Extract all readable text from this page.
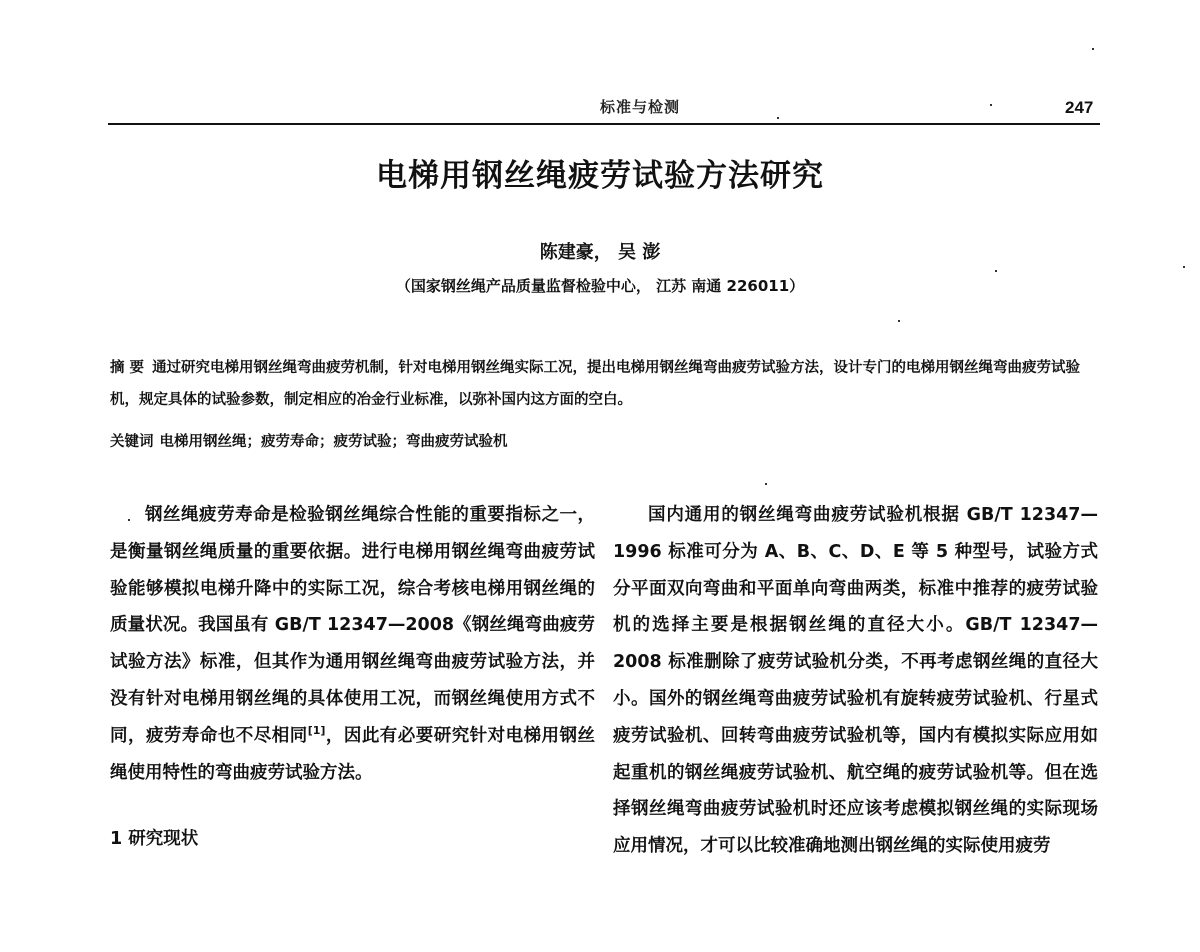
标准与检测	247
电梯用钢丝绳疲劳试验方法研究
陈建豪， 吴 澎
（国家钢丝绳产品质量监督检验中心， 江苏 南通 226011）

摘 要 通过研究电梯用钢丝绳弯曲疲劳机制，针对电梯用钢丝绳实际工况，提出电梯用钢丝绳弯曲疲劳试验方法，设计专门的电梯用钢丝绳弯曲疲劳试验机，规定具体的试验参数，制定相应的冶金行业标准，以弥补国内这方面的空白。

关键词 电梯用钢丝绳；疲劳寿命；疲劳试验；弯曲疲劳试验机

钢丝绳疲劳寿命是检验钢丝绳综合性能的重要指标之一，是衡量钢丝绳质量的重要依据。进行电梯用钢丝绳弯曲疲劳试验能够模拟电梯升降中的实际工况，综合考核电梯用钢丝绳的质量状况。我国虽有 GB/T 12347—2008《钢丝绳弯曲疲劳试验方法》标准，但其作为通用钢丝绳弯曲疲劳试验方法，并没有针对电梯用钢丝绳的具体使用工况，而钢丝绳使用方式不同，疲劳寿命也不尽相同[1]，因此有必要研究针对电梯用钢丝绳使用特性的弯曲疲劳试验方法。

1 研究现状

国内通用的钢丝绳弯曲疲劳试验机根据 GB/T 12347—1996 标准可分为 A、B、C、D、E 等 5 种型号，试验方式分平面双向弯曲和平面单向弯曲两类，标准中推荐的疲劳试验机的选择主要是根据钢丝绳的直径大小。GB/T 12347—2008 标准删除了疲劳试验机分类，不再考虑钢丝绳的直径大小。国外的钢丝绳弯曲疲劳试验机有旋转疲劳试验机、行星式疲劳试验机、回转弯曲疲劳试验机等，国内有模拟实际应用如起重机的钢丝绳疲劳试验机、航空绳的疲劳试验机等。但在选择钢丝绳弯曲疲劳试验机时还应该考虑模拟钢丝绳的实际现场应用情况，才可以比较准确地测出钢丝绳的实际使用疲劳
